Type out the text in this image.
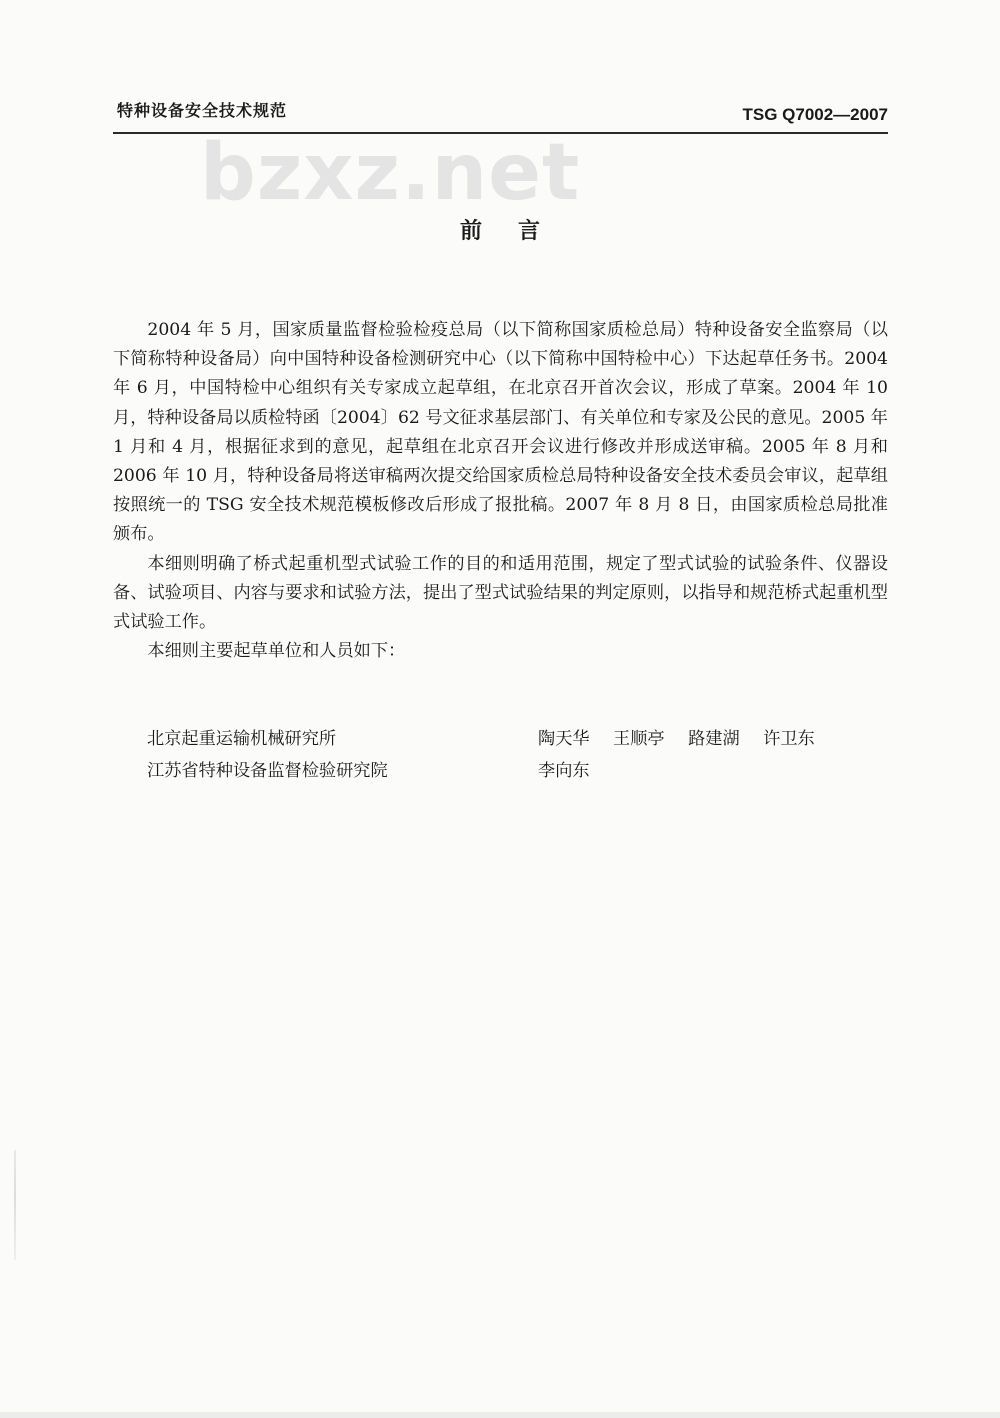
特种设备安全技术规范	TSG Q7002—2007
bzxz.net
前言

2004 年 5 月，国家质量监督检验检疫总局（以下简称国家质检总局）特种设备安全监察局（以下简称特种设备局）向中国特种设备检测研究中心（以下简称中国特检中心）下达起草任务书。2004 年 6 月，中国特检中心组织有关专家成立起草组，在北京召开首次会议，形成了草案。2004 年 10 月，特种设备局以质检特函〔2004〕62 号文征求基层部门、有关单位和专家及公民的意见。2005 年 1 月和 4 月，根据征求到的意见，起草组在北京召开会议进行修改并形成送审稿。2005 年 8 月和 2006 年 10 月，特种设备局将送审稿两次提交给国家质检总局特种设备安全技术委员会审议，起草组按照统一的 TSG 安全技术规范模板修改后形成了报批稿。2007 年 8 月 8 日，由国家质检总局批准颁布。

本细则明确了桥式起重机型式试验工作的目的和适用范围，规定了型式试验的试验条件、仪器设备、试验项目、内容与要求和试验方法，提出了型式试验结果的判定原则，以指导和规范桥式起重机型式试验工作。

本细则主要起草单位和人员如下：

北京起重运输机械研究所	陶天华 王顺亭 路建湖 许卫东
江苏省特种设备监督检验研究院	李向东
